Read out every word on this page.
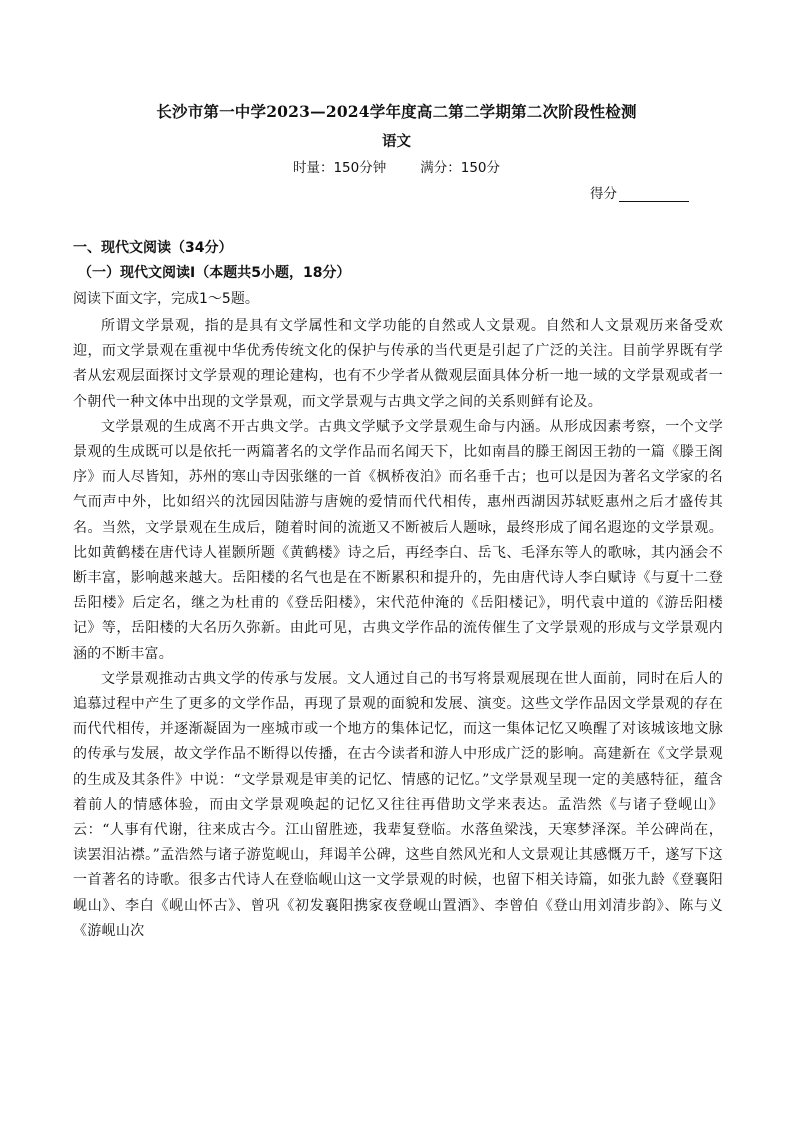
长沙市第一中学2023—2024学年度高二第二学期第二次阶段性检测
语文
时量：150分钟	满分：150分
得分
一、现代文阅读（34分）
（一）现代文阅读Ⅰ（本题共5小题，18分）
阅读下面文字，完成1～5题。

所谓文学景观，指的是具有文学属性和文学功能的自然或人文景观。自然和人文景观历来备受欢迎，而文学景观在重视中华优秀传统文化的保护与传承的当代更是引起了广泛的关注。目前学界既有学者从宏观层面探讨文学景观的理论建构，也有不少学者从微观层面具体分析一地一域的文学景观或者一个朝代一种文体中出现的文学景观，而文学景观与古典文学之间的关系则鲜有论及。

文学景观的生成离不开古典文学。古典文学赋予文学景观生命与内涵。从形成因素考察，一个文学景观的生成既可以是依托一两篇著名的文学作品而名闻天下，比如南昌的滕王阁因王勃的一篇《滕王阁序》而人尽皆知，苏州的寒山寺因张继的一首《枫桥夜泊》而名垂千古；也可以是因为著名文学家的名气而声中外，比如绍兴的沈园因陆游与唐婉的爱情而代代相传，惠州西湖因苏轼贬惠州之后才盛传其名。当然，文学景观在生成后，随着时间的流逝又不断被后人题咏，最终形成了闻名遐迩的文学景观。比如黄鹤楼在唐代诗人崔颢所题《黄鹤楼》诗之后，再经李白、岳飞、毛泽东等人的歌咏，其内涵会不断丰富，影响越来越大。岳阳楼的名气也是在不断累积和提升的，先由唐代诗人李白赋诗《与夏十二登岳阳楼》后定名，继之为杜甫的《登岳阳楼》，宋代范仲淹的《岳阳楼记》，明代袁中道的《游岳阳楼记》等，岳阳楼的大名历久弥新。由此可见，古典文学作品的流传催生了文学景观的形成与文学景观内涵的不断丰富。

文学景观推动古典文学的传承与发展。文人通过自己的书写将景观展现在世人面前，同时在后人的追慕过程中产生了更多的文学作品，再现了景观的面貌和发展、演变。这些文学作品因文学景观的存在而代代相传，并逐渐凝固为一座城市或一个地方的集体记忆，而这一集体记忆又唤醒了对该城该地文脉的传承与发展，故文学作品不断得以传播，在古今读者和游人中形成广泛的影响。高建新在《文学景观的生成及其条件》中说：“文学景观是审美的记忆、情感的记忆。”文学景观呈现一定的美感特征，蕴含着前人的情感体验，而由文学景观唤起的记忆又往往再借助文学来表达。孟浩然《与诸子登岘山》云：“人事有代谢，往来成古今。江山留胜迹，我辈复登临。水落鱼梁浅，天寒梦泽深。羊公碑尚在，读罢泪沾襟。”孟浩然与诸子游览岘山，拜谒羊公碑，这些自然风光和人文景观让其感慨万千，遂写下这一首著名的诗歌。很多古代诗人在登临岘山这一文学景观的时候，也留下相关诗篇，如张九龄《登襄阳岘山》、李白《岘山怀古》、曾巩《初发襄阳携家夜登岘山置酒》、李曾伯《登山用刘清步韵》、陈与义《游岘山次
